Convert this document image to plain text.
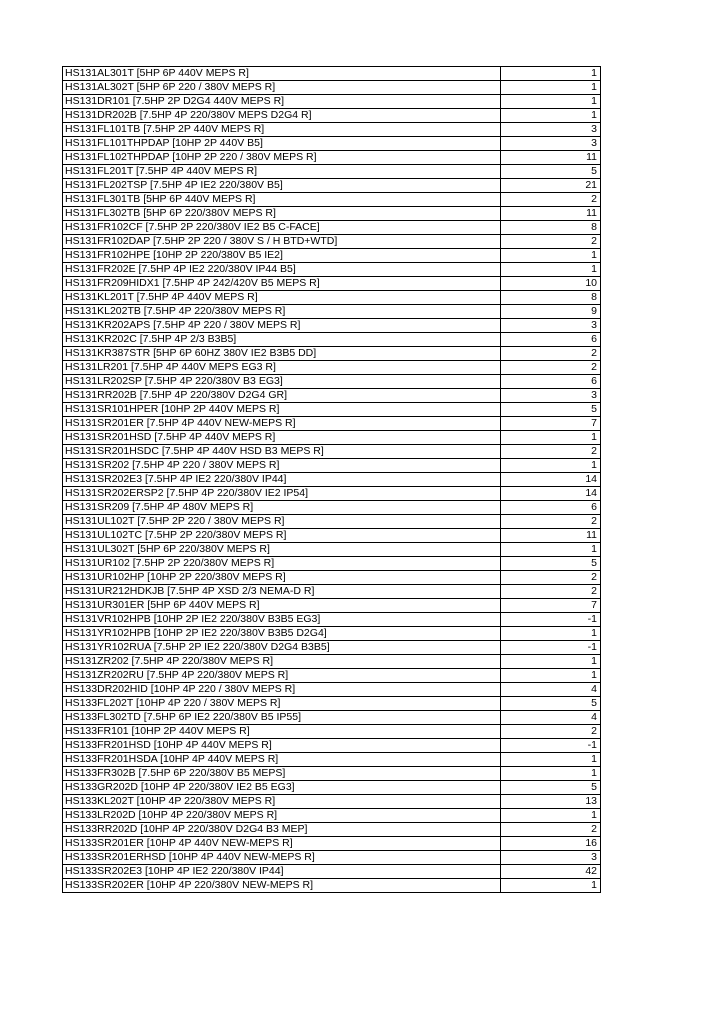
HS131AL301T [5HP 6P 440V MEPS R]	1
HS131AL302T [5HP 6P 220 / 380V MEPS R]	1
HS131DR101 [7.5HP 2P D2G4 440V MEPS R]	1
HS131DR202B [7.5HP 4P 220/380V MEPS D2G4 R]	1
HS131FL101TB [7.5HP 2P 440V MEPS R]	3
HS131FL101THPDAP [10HP 2P 440V B5]	3
HS131FL102THPDAP [10HP 2P 220 / 380V MEPS R]	11
HS131FL201T [7.5HP 4P 440V MEPS R]	5
HS131FL202TSP [7.5HP 4P IE2 220/380V B5]	21
HS131FL301TB [5HP 6P 440V MEPS R]	2
HS131FL302TB [5HP 6P 220/380V MEPS R]	11
HS131FR102CF [7.5HP 2P 220/380V IE2 B5 C-FACE]	8
HS131FR102DAP [7.5HP 2P 220 / 380V S / H BTD+WTD]	2
HS131FR102HPE [10HP 2P 220/380V B5 IE2]	1
HS131FR202E [7.5HP 4P IE2 220/380V IP44 B5]	1
HS131FR209HIDX1 [7.5HP 4P 242/420V B5 MEPS R]	10
HS131KL201T [7.5HP 4P 440V MEPS R]	8
HS131KL202TB [7.5HP 4P 220/380V MEPS R]	9
HS131KR202APS [7.5HP 4P 220 / 380V MEPS R]	3
HS131KR202C [7.5HP 4P 2/3 B3B5]	6
HS131KR387STR [5HP 6P 60HZ 380V IE2 B3B5 DD]	2
HS131LR201 [7.5HP 4P 440V MEPS EG3 R]	2
HS131LR202SP [7.5HP 4P 220/380V B3 EG3]	6
HS131RR202B [7.5HP 4P 220/380V D2G4 GR]	3
HS131SR101HPER [10HP 2P 440V MEPS R]	5
HS131SR201ER [7.5HP 4P 440V NEW-MEPS R]	7
HS131SR201HSD [7.5HP 4P 440V MEPS R]	1
HS131SR201HSDC [7.5HP 4P 440V HSD B3 MEPS R]	2
HS131SR202 [7.5HP 4P 220 / 380V MEPS R]	1
HS131SR202E3 [7.5HP 4P IE2 220/380V IP44]	14
HS131SR202ERSP2 [7.5HP 4P 220/380V IE2 IP54]	14
HS131SR209 [7.5HP 4P 480V MEPS R]	6
HS131UL102T [7.5HP 2P 220 / 380V MEPS R]	2
HS131UL102TC [7.5HP 2P 220/380V MEPS R]	11
HS131UL302T [5HP 6P 220/380V MEPS R]	1
HS131UR102 [7.5HP 2P 220/380V MEPS R]	5
HS131UR102HP [10HP 2P 220/380V MEPS R]	2
HS131UR212HDKJB [7.5HP 4P XSD 2/3 NEMA-D R]	2
HS131UR301ER [5HP 6P 440V MEPS R]	7
HS131VR102HPB [10HP 2P IE2 220/380V B3B5 EG3]	-1
HS131YR102HPB [10HP 2P IE2 220/380V B3B5 D2G4]	1
HS131YR102RUA [7.5HP 2P IE2 220/380V D2G4 B3B5]	-1
HS131ZR202 [7.5HP 4P 220/380V MEPS R]	1
HS131ZR202RU [7.5HP 4P 220/380V MEPS R]	1
HS133DR202HID [10HP 4P 220 / 380V MEPS R]	4
HS133FL202T [10HP 4P 220 / 380V MEPS R]	5
HS133FL302TD [7.5HP 6P IE2 220/380V B5 IP55]	4
HS133FR101 [10HP 2P 440V MEPS R]	2
HS133FR201HSD [10HP 4P 440V MEPS R]	-1
HS133FR201HSDA [10HP 4P 440V MEPS R]	1
HS133FR302B [7.5HP 6P 220/380V B5 MEPS]	1
HS133GR202D [10HP 4P 220/380V IE2 B5 EG3]	5
HS133KL202T [10HP 4P 220/380V MEPS R]	13
HS133LR202D [10HP 4P 220/380V MEPS R]	1
HS133RR202D [10HP 4P 220/380V D2G4 B3 MEP]	2
HS133SR201ER [10HP 4P 440V NEW-MEPS R]	16
HS133SR201ERHSD [10HP 4P 440V NEW-MEPS R]	3
HS133SR202E3 [10HP 4P IE2 220/380V IP44]	42
HS133SR202ER [10HP 4P 220/380V NEW-MEPS R]	1
